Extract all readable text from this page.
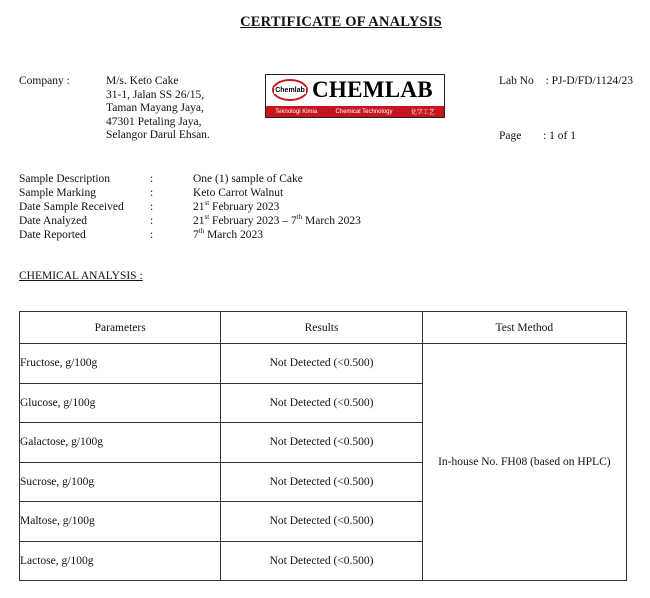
CERTIFICATE OF ANALYSIS
Company :	M/s. Keto Cake
31-1, Jalan SS 26/15,
Taman Mayang Jaya,
47301 Petaling Jaya,
Selangor Darul Ehsan.
Chemlab CHEMLAB
Teknologi Kimia	Chemical Technology	化学工艺
Lab No : PJ-D/FD/1124/23
Page : 1 of 1
Sample Description	:	One (1) sample of Cake
Sample Marking	:	Keto Carrot Walnut
Date Sample Received :	21st February 2023
Date Analyzed	:	21st February 2023 – 7th March 2023
Date Reported	:	7th March 2023
CHEMICAL ANALYSIS :
Parameters	Results	Test Method
Fructose, g/100g	Not Detected (<0.500)	In-house No. FH08 (based on HPLC)
Glucose, g/100g	Not Detected (<0.500)	
Galactose, g/100g	Not Detected (<0.500)	
Sucrose, g/100g	Not Detected (<0.500)	
Maltose, g/100g	Not Detected (<0.500)	
Lactose, g/100g	Not Detected (<0.500)	
